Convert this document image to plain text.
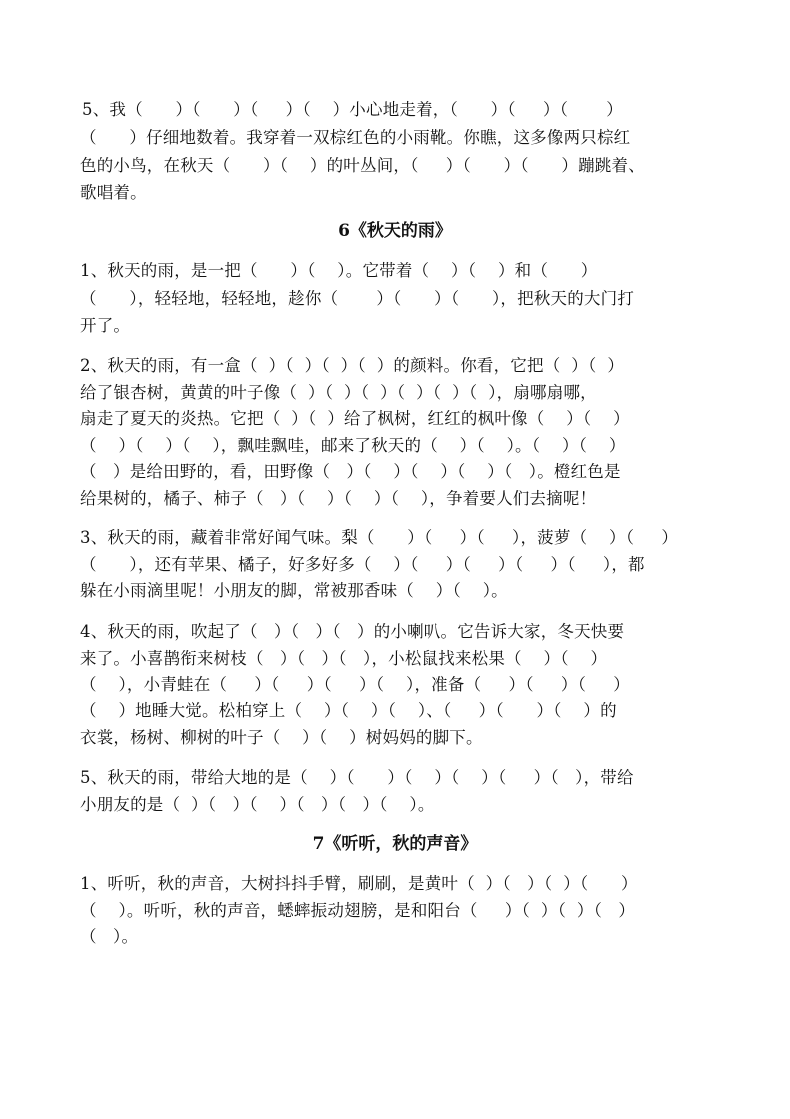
5、我（      ）（      ）（     ）（    ）小心地走着，（      ）（     ）（       ）
（      ）仔细地数着。我穿着一双棕红色的小雨靴。你瞧，这多像两只棕红
色的小鸟，在秋天（      ）（    ）的叶丛间，（     ）（      ）（      ）蹦跳着、
歌唱着。
6《秋天的雨》
1、秋天的雨，是一把（      ）（    ）。它带着（    ）（    ）和（      ）
（      ），轻轻地，轻轻地，趁你（       ）（      ）（      ），把秋天的大门打
开了。
2、秋天的雨，有一盒（  ）（  ）（  ）（  ）的颜料。你看，它把（  ）（  ）
给了银杏树，黄黄的叶子像（  ）（  ）（  ）（  ）（  ）（  ），扇哪扇哪，
扇走了夏天的炎热。它把（  ）（  ）给了枫树，红红的枫叶像（    ）（    ）
（    ）（    ）（    ），飘哇飘哇，邮来了秋天的（    ）（    ）。（    ）（    ）
（   ）是给田野的，看，田野像（   ）（    ）（    ）（    ）（   ）。橙红色是
给果树的，橘子、柿子（   ）（    ）（    ）（    ），争着要人们去摘呢！
3、秋天的雨，藏着非常好闻气味。梨（      ）（     ）（     ），菠萝（    ）（     ）
（      ），还有苹果、橘子，好多好多（    ）（     ）（     ）（     ）（     ），都
躲在小雨滴里呢！小朋友的脚，常被那香味（    ）（    ）。
4、秋天的雨，吹起了（   ）（   ）（   ）的小喇叭。它告诉大家，冬天快要
来了。小喜鹊衔来树枝（   ）（   ）（   ），小松鼠找来松果（    ）（    ）
（    ），小青蛙在（     ）（     ）（     ）（    ），准备（     ）（     ）（     ）
（    ）地睡大觉。松柏穿上（    ）（    ）（    ）、（     ）（      ）（    ）的
衣裳，杨树、柳树的叶子（    ）（    ）树妈妈的脚下。
5、秋天的雨，带给大地的是（    ）（      ）（    ）（    ）（     ）（   ），带给
小朋友的是（  ）（   ）（    ）（   ）（   ）（    ）。
7《听听，秋的声音》
1、听听，秋的声音，大树抖抖手臂，刷刷，是黄叶（  ）（   ）（  ）（      ）
（    ）。听听，秋的声音，蟋蟀振动翅膀，是和阳台（     ）（  ）（  ）（   ）
（   ）。
